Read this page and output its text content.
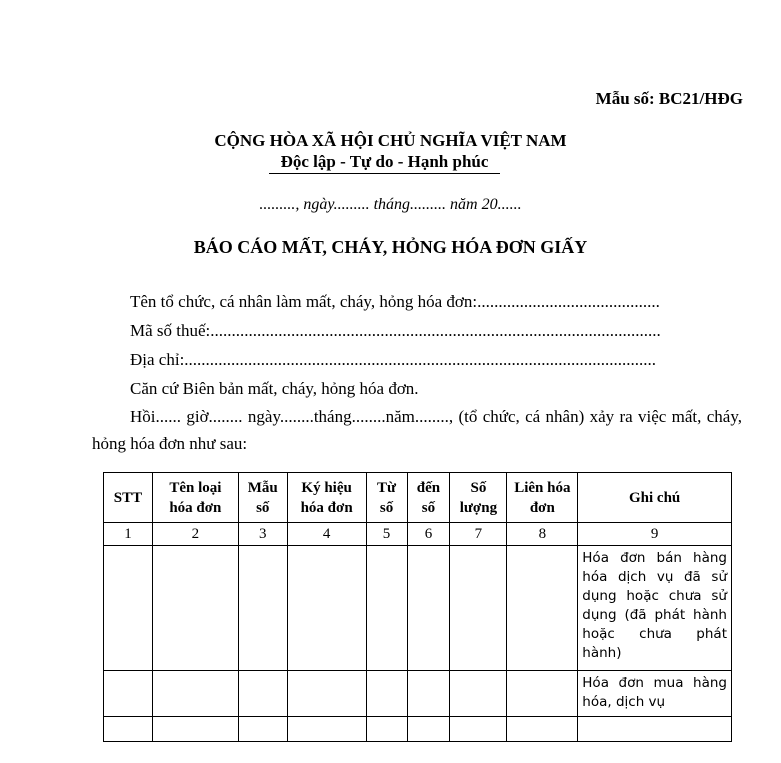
Mẫu số: BC21/HĐG
CỘNG HÒA XÃ HỘI CHỦ NGHĨA VIỆT NAM
Độc lập - Tự do - Hạnh phúc
........., ngày......... tháng......... năm 20......
BÁO CÁO MẤT, CHÁY, HỎNG HÓA ĐƠN GIẤY
Tên tổ chức, cá nhân làm mất, cháy, hỏng hóa đơn:...........................................
Mã số thuế:..........................................................................................................
Địa chỉ:...............................................................................................................
Căn cứ Biên bản mất, cháy, hỏng hóa đơn.
Hồi...... giờ........ ngày........tháng........năm........, (tổ chức, cá nhân) xảy ra việc mất, cháy, hỏng hóa đơn như sau:
STT	Tên loại hóa đơn	Mẫu số	Ký hiệu hóa đơn	Từ số	đến số	Số lượng	Liên hóa đơn	Ghi chú
1	2	3	4	5	6	7	8	9
								Hóa đơn bán hàng hóa dịch vụ đã sử dụng hoặc chưa sử dụng (đã phát hành hoặc chưa phát hành)
								Hóa đơn mua hàng hóa, dịch vụ
